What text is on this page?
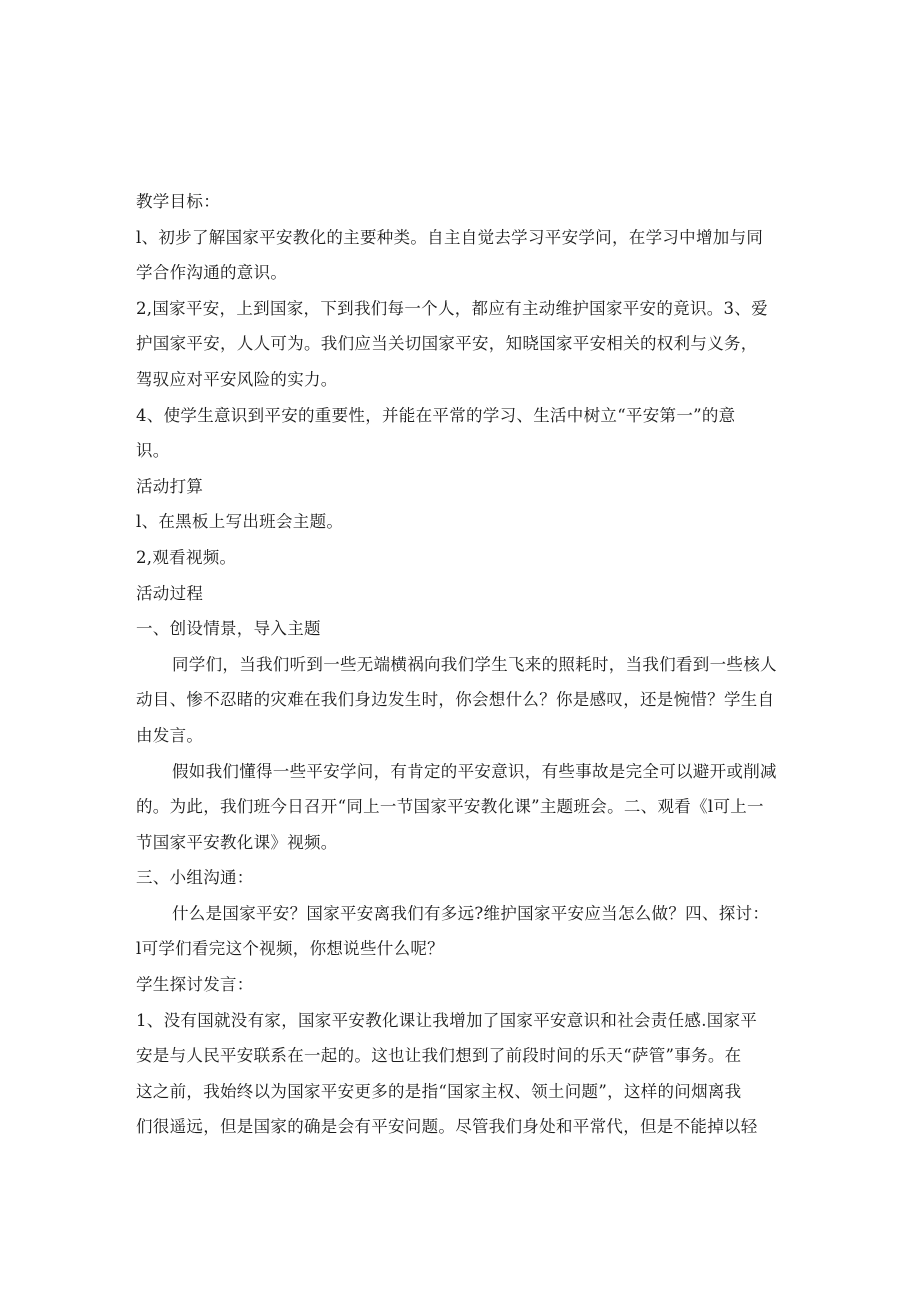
教学目标：

l、初步了解国家平安教化的主要种类。自主自觉去学习平安学问，在学习中增加与同

学合作沟通的意识。

2,国家平安，上到国家，下到我们每一个人，都应有主动维护国家平安的竟识。3、爱

护国家平安，人人可为。我们应当关切国家平安，知晓国家平安相关的权利与义务，

驾驭应对平安风险的实力。

4、使学生意识到平安的重要性，并能在平常的学习、生活中树立“平安第一”的意

识。

活动打算

l、在黑板上写出班会主题。

2,观看视频。

活动过程

一、创设情景，导入主题

同学们，当我们听到一些无端横祸向我们学生飞来的照耗时，当我们看到一些核人

动目、惨不忍睹的灾难在我们身边发生时，你会想什么？你是感叹，还是惋惜？学生自

由发言。

假如我们懂得一些平安学问，有肯定的平安意识，有些事故是完全可以避开或削减

的。为此，我们班今日召开“同上一节国家平安教化课”主题班会。二、观看《l可上一

节国家平安教化课》视频。

三、小组沟通：

什么是国家平安？国家平安离我们有多远?维护国家平安应当怎么做？四、探讨：

l可学们看完这个视频，你想说些什么呢？

学生探讨发言：

1、没有国就没有家，国家平安教化课让我增加了国家平安意识和社会责任感.国家平

安是与人民平安联系在一起的。这也让我们想到了前段时间的乐天“萨管”事务。在

这之前，我始终以为国家平安更多的是指“国家主权、领土问题”，这样的问烟离我

们很遥远，但是国家的确是会有平安问题。尽管我们身处和平常代，但是不能掉以轻
